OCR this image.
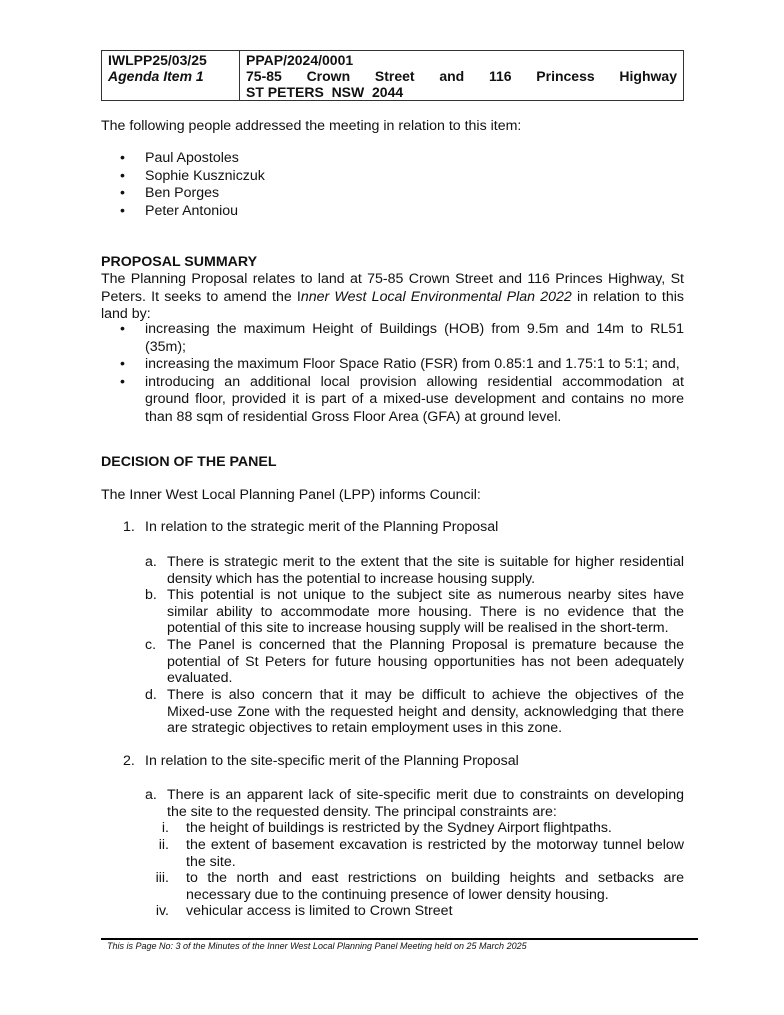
IWLPP25/03/25
Agenda Item 1

PPAP/2024/0001
75-85 Crown Street and 116 Princess Highway
ST PETERS  NSW  2044
The following people addressed the meeting in relation to this item:
• Paul Apostoles
• Sophie Kuszniczuk
• Ben Porges
• Peter Antoniou
PROPOSAL SUMMARY
The Planning Proposal relates to land at 75-85 Crown Street and 116 Princes Highway, St Peters. It seeks to amend the Inner West Local Environmental Plan 2022 in relation to this land by:
• increasing the maximum Height of Buildings (HOB) from 9.5m and 14m to RL51 (35m);
• increasing the maximum Floor Space Ratio (FSR) from 0.85:1 and 1.75:1 to 5:1; and,
• introducing an additional local provision allowing residential accommodation at ground floor, provided it is part of a mixed-use development and contains no more than 88 sqm of residential Gross Floor Area (GFA) at ground level.
DECISION OF THE PANEL
The Inner West Local Planning Panel (LPP) informs Council:
1. In relation to the strategic merit of the Planning Proposal
a. There is strategic merit to the extent that the site is suitable for higher residential density which has the potential to increase housing supply.
b. This potential is not unique to the subject site as numerous nearby sites have similar ability to accommodate more housing. There is no evidence that the potential of this site to increase housing supply will be realised in the short-term.
c. The Panel is concerned that the Planning Proposal is premature because the potential of St Peters for future housing opportunities has not been adequately evaluated.
d. There is also concern that it may be difficult to achieve the objectives of the Mixed-use Zone with the requested height and density, acknowledging that there are strategic objectives to retain employment uses in this zone.
2. In relation to the site-specific merit of the Planning Proposal
a. There is an apparent lack of site-specific merit due to constraints on developing the site to the requested density. The principal constraints are:
i. the height of buildings is restricted by the Sydney Airport flightpaths.
ii. the extent of basement excavation is restricted by the motorway tunnel below the site.
iii. to the north and east restrictions on building heights and setbacks are necessary due to the continuing presence of lower density housing.
iv. vehicular access is limited to Crown Street
This is Page No: 3 of the Minutes of the Inner West Local Planning Panel Meeting held on 25 March 2025
